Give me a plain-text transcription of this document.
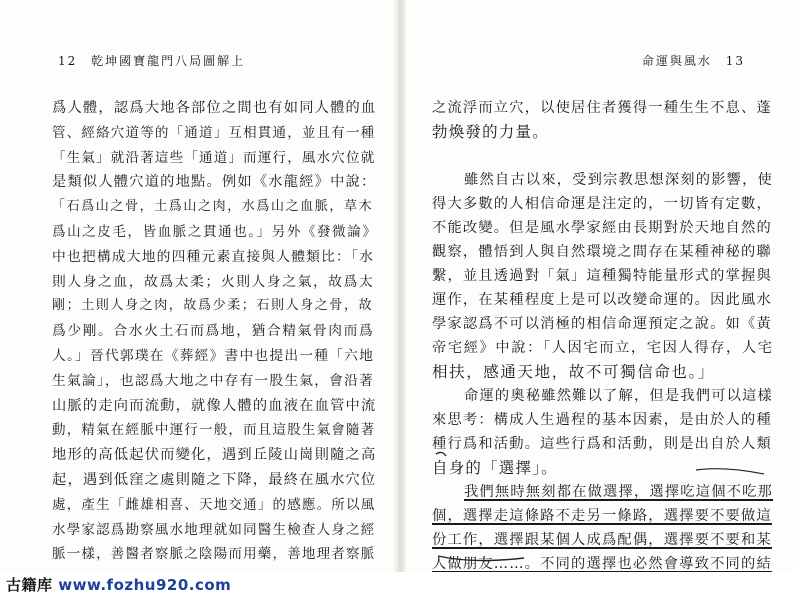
12 乾坤國寶龍門八局圖解上
爲人體，認爲大地各部位之間也有如同人體的血
管、經絡穴道等的「通道」互相貫通，並且有一種
「生氣」就沿著這些「通道」而運行，風水穴位就
是類似人體穴道的地點。例如《水龍經》中說：
「石爲山之骨，土爲山之肉，水爲山之血脈，草木
爲山之皮毛，皆血脈之貫通也。」另外《發微論》
中也把構成大地的四種元素直接與人體類比：「水
則人身之血，故爲太柔；火則人身之氣，故爲太
剛；土則人身之肉，故爲少柔；石則人身之骨，故
爲少剛。合水火土石而爲地，猶合精氣骨肉而爲
人。」晉代郭璞在《葬經》書中也提出一種「六地
生氣論」，也認爲大地之中存有一股生氣，會沿著
山脈的走向而流動，就像人體的血液在血管中流
動，精氣在經脈中運行一般，而且這股生氣會隨著
地形的高低起伏而變化，遇到丘陵山崗則隨之高
起，遇到低窪之處則隨之下降，最終在風水穴位
處，產生「雌雄相喜、天地交通」的感應。所以風
水學家認爲勘察風水地理就如同醫生檢查人身之經
脈一樣，善醫者察脈之陰陽而用藥，善地理者察脈
命運與風水 13
之流浮而立穴，以使居住者獲得一種生生不息、蓬
勃煥發的力量。
雖然自古以來，受到宗教思想深刻的影響，使
得大多數的人相信命運是注定的，一切皆有定數，
不能改變。但是風水學家經由長期對於天地自然的
觀察，體悟到人與自然環境之間存在某種神秘的聯
繫，並且透過對「氣」這種獨特能量形式的掌握與
運作，在某種程度上是可以改變命運的。因此風水
學家認爲不可以消極的相信命運預定之說。如《黃
帝宅經》中說：「人因宅而立，宅因人得存，人宅
相扶，感通天地，故不可獨信命也。」
命運的奧秘雖然難以了解，但是我們可以這樣
來思考：構成人生過程的基本因素，是由於人的種
種行爲和活動。這些行爲和活動，則是出自於人類
自身的「選擇」。
我們無時無刻都在做選擇，選擇吃這個不吃那
個，選擇走這條路不走另一條路，選擇要不要做這
份工作，選擇跟某個人成爲配偶，選擇要不要和某
人做朋友……。不同的選擇也必然會導致不同的結
古籍库 www.fozhu920.com
